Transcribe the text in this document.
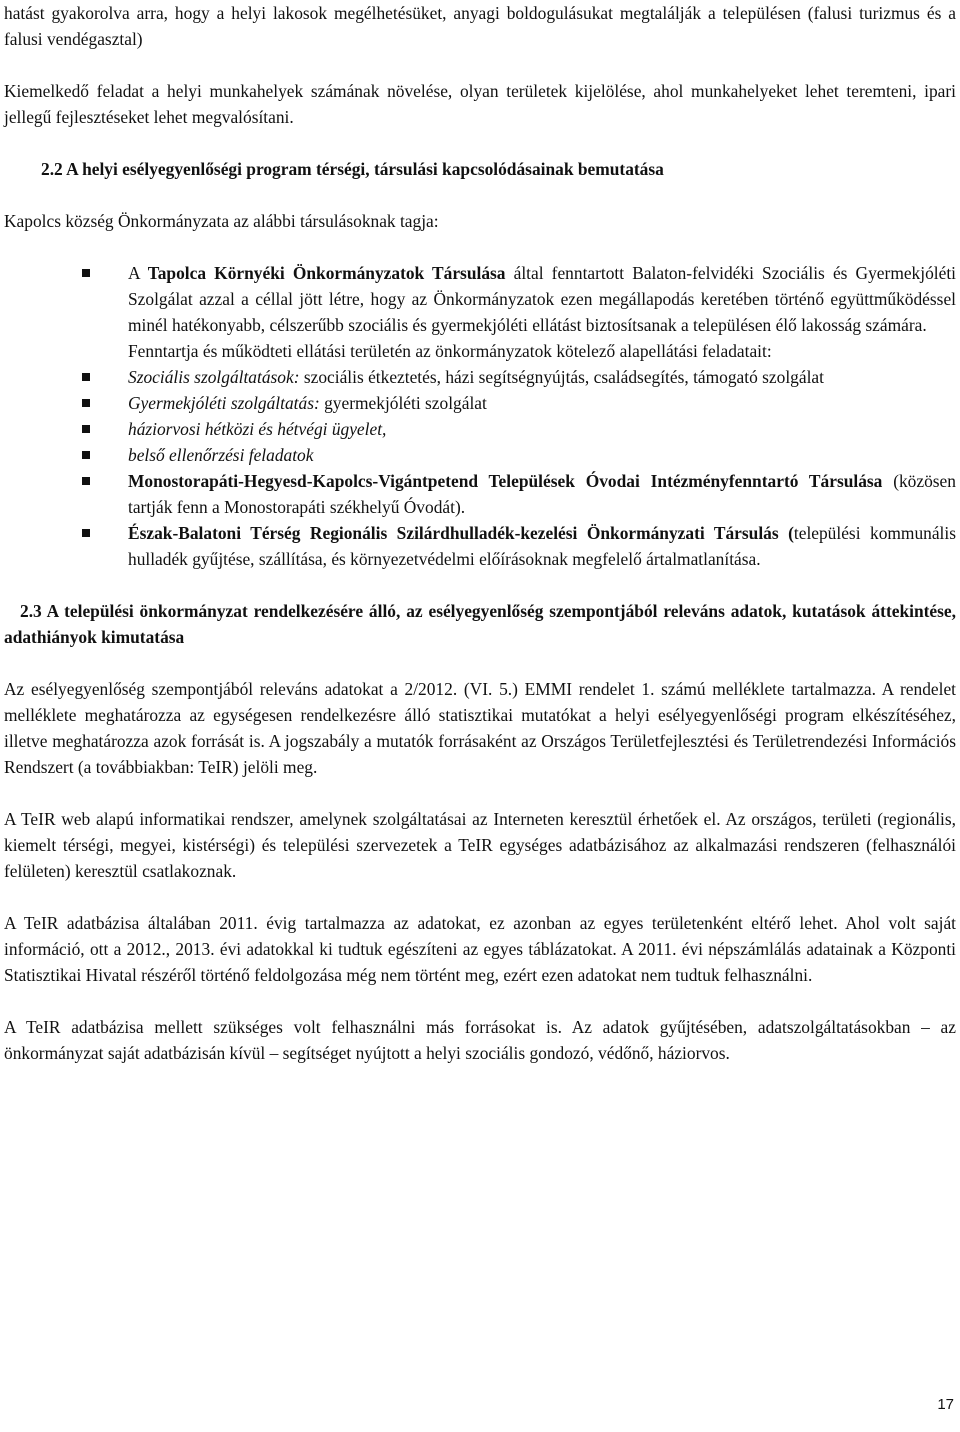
hatást gyakorolva arra, hogy a helyi lakosok megélhetésüket, anyagi boldogulásukat megtalálják a településen (falusi turizmus és a falusi vendégasztal)

Kiemelkedő feladat a helyi munkahelyek számának növelése, olyan területek kijelölése, ahol munkahelyeket lehet teremteni, ipari jellegű fejlesztéseket lehet megvalósítani.

2.2 A helyi esélyegyenlőségi program térségi, társulási kapcsolódásainak bemutatása

Kapolcs község Önkormányzata az alábbi társulásoknak tagja:

A Tapolca Környéki Önkormányzatok Társulása által fenntartott Balaton-felvidéki Szociális és Gyermekjóléti Szolgálat azzal a céllal jött létre, hogy az Önkormányzatok ezen megállapodás keretében történő együttműködéssel minél hatékonyabb, célszerűbb szociális és gyermekjóléti ellátást biztosítsanak a településen élő lakosság számára.

Fenntartja és működteti ellátási területén az önkormányzatok kötelező alapellátási feladatait:

Szociális szolgáltatások: szociális étkeztetés, házi segítségnyújtás, családsegítés, támogató szolgálat

Gyermekjóléti szolgáltatás: gyermekjóléti szolgálat

háziorvosi hétközi és hétvégi ügyelet,

belső ellenőrzési feladatok

Monostorapáti-Hegyesd-Kapolcs-Vigántpetend Települések Óvodai Intézményfenntartó Társulása (közösen tartják fenn a Monostorapáti székhelyű Óvodát).

Észak-Balatoni Térség Regionális Szilárdhulladék-kezelési Önkormányzati Társulás (települési kommunális hulladék gyűjtése, szállítása, és környezetvédelmi előírásoknak megfelelő ártalmatlanítása.

2.3 A települési önkormányzat rendelkezésére álló, az esélyegyenlőség szempontjából releváns adatok, kutatások áttekintése, adathiányok kimutatása

Az esélyegyenlőség szempontjából releváns adatokat a 2/2012. (VI. 5.) EMMI rendelet 1. számú melléklete tartalmazza. A rendelet melléklete meghatározza az egységesen rendelkezésre álló statisztikai mutatókat a helyi esélyegyenlőségi program elkészítéséhez, illetve meghatározza azok forrását is. A jogszabály a mutatók forrásaként az Országos Területfejlesztési és Területrendezési Információs Rendszert (a továbbiakban: TeIR) jelöli meg.

A TeIR web alapú informatikai rendszer, amelynek szolgáltatásai az Interneten keresztül érhetőek el. Az országos, területi (regionális, kiemelt térségi, megyei, kistérségi) és települési szervezetek a TeIR egységes adatbázisához az alkalmazási rendszeren (felhasználói felületen) keresztül csatlakoznak.

A TeIR adatbázisa általában 2011. évig tartalmazza az adatokat, ez azonban az egyes területenként eltérő lehet. Ahol volt saját információ, ott a 2012., 2013. évi adatokkal ki tudtuk egészíteni az egyes táblázatokat. A 2011. évi népszámlálás adatainak a Központi Statisztikai Hivatal részéről történő feldolgozása még nem történt meg, ezért ezen adatokat nem tudtuk felhasználni.

A TeIR adatbázisa mellett szükséges volt felhasználni más forrásokat is. Az adatok gyűjtésében, adatszolgáltatásokban – az önkormányzat saját adatbázisán kívül – segítséget nyújtott a helyi szociális gondozó, védőnő, háziorvos.

17
